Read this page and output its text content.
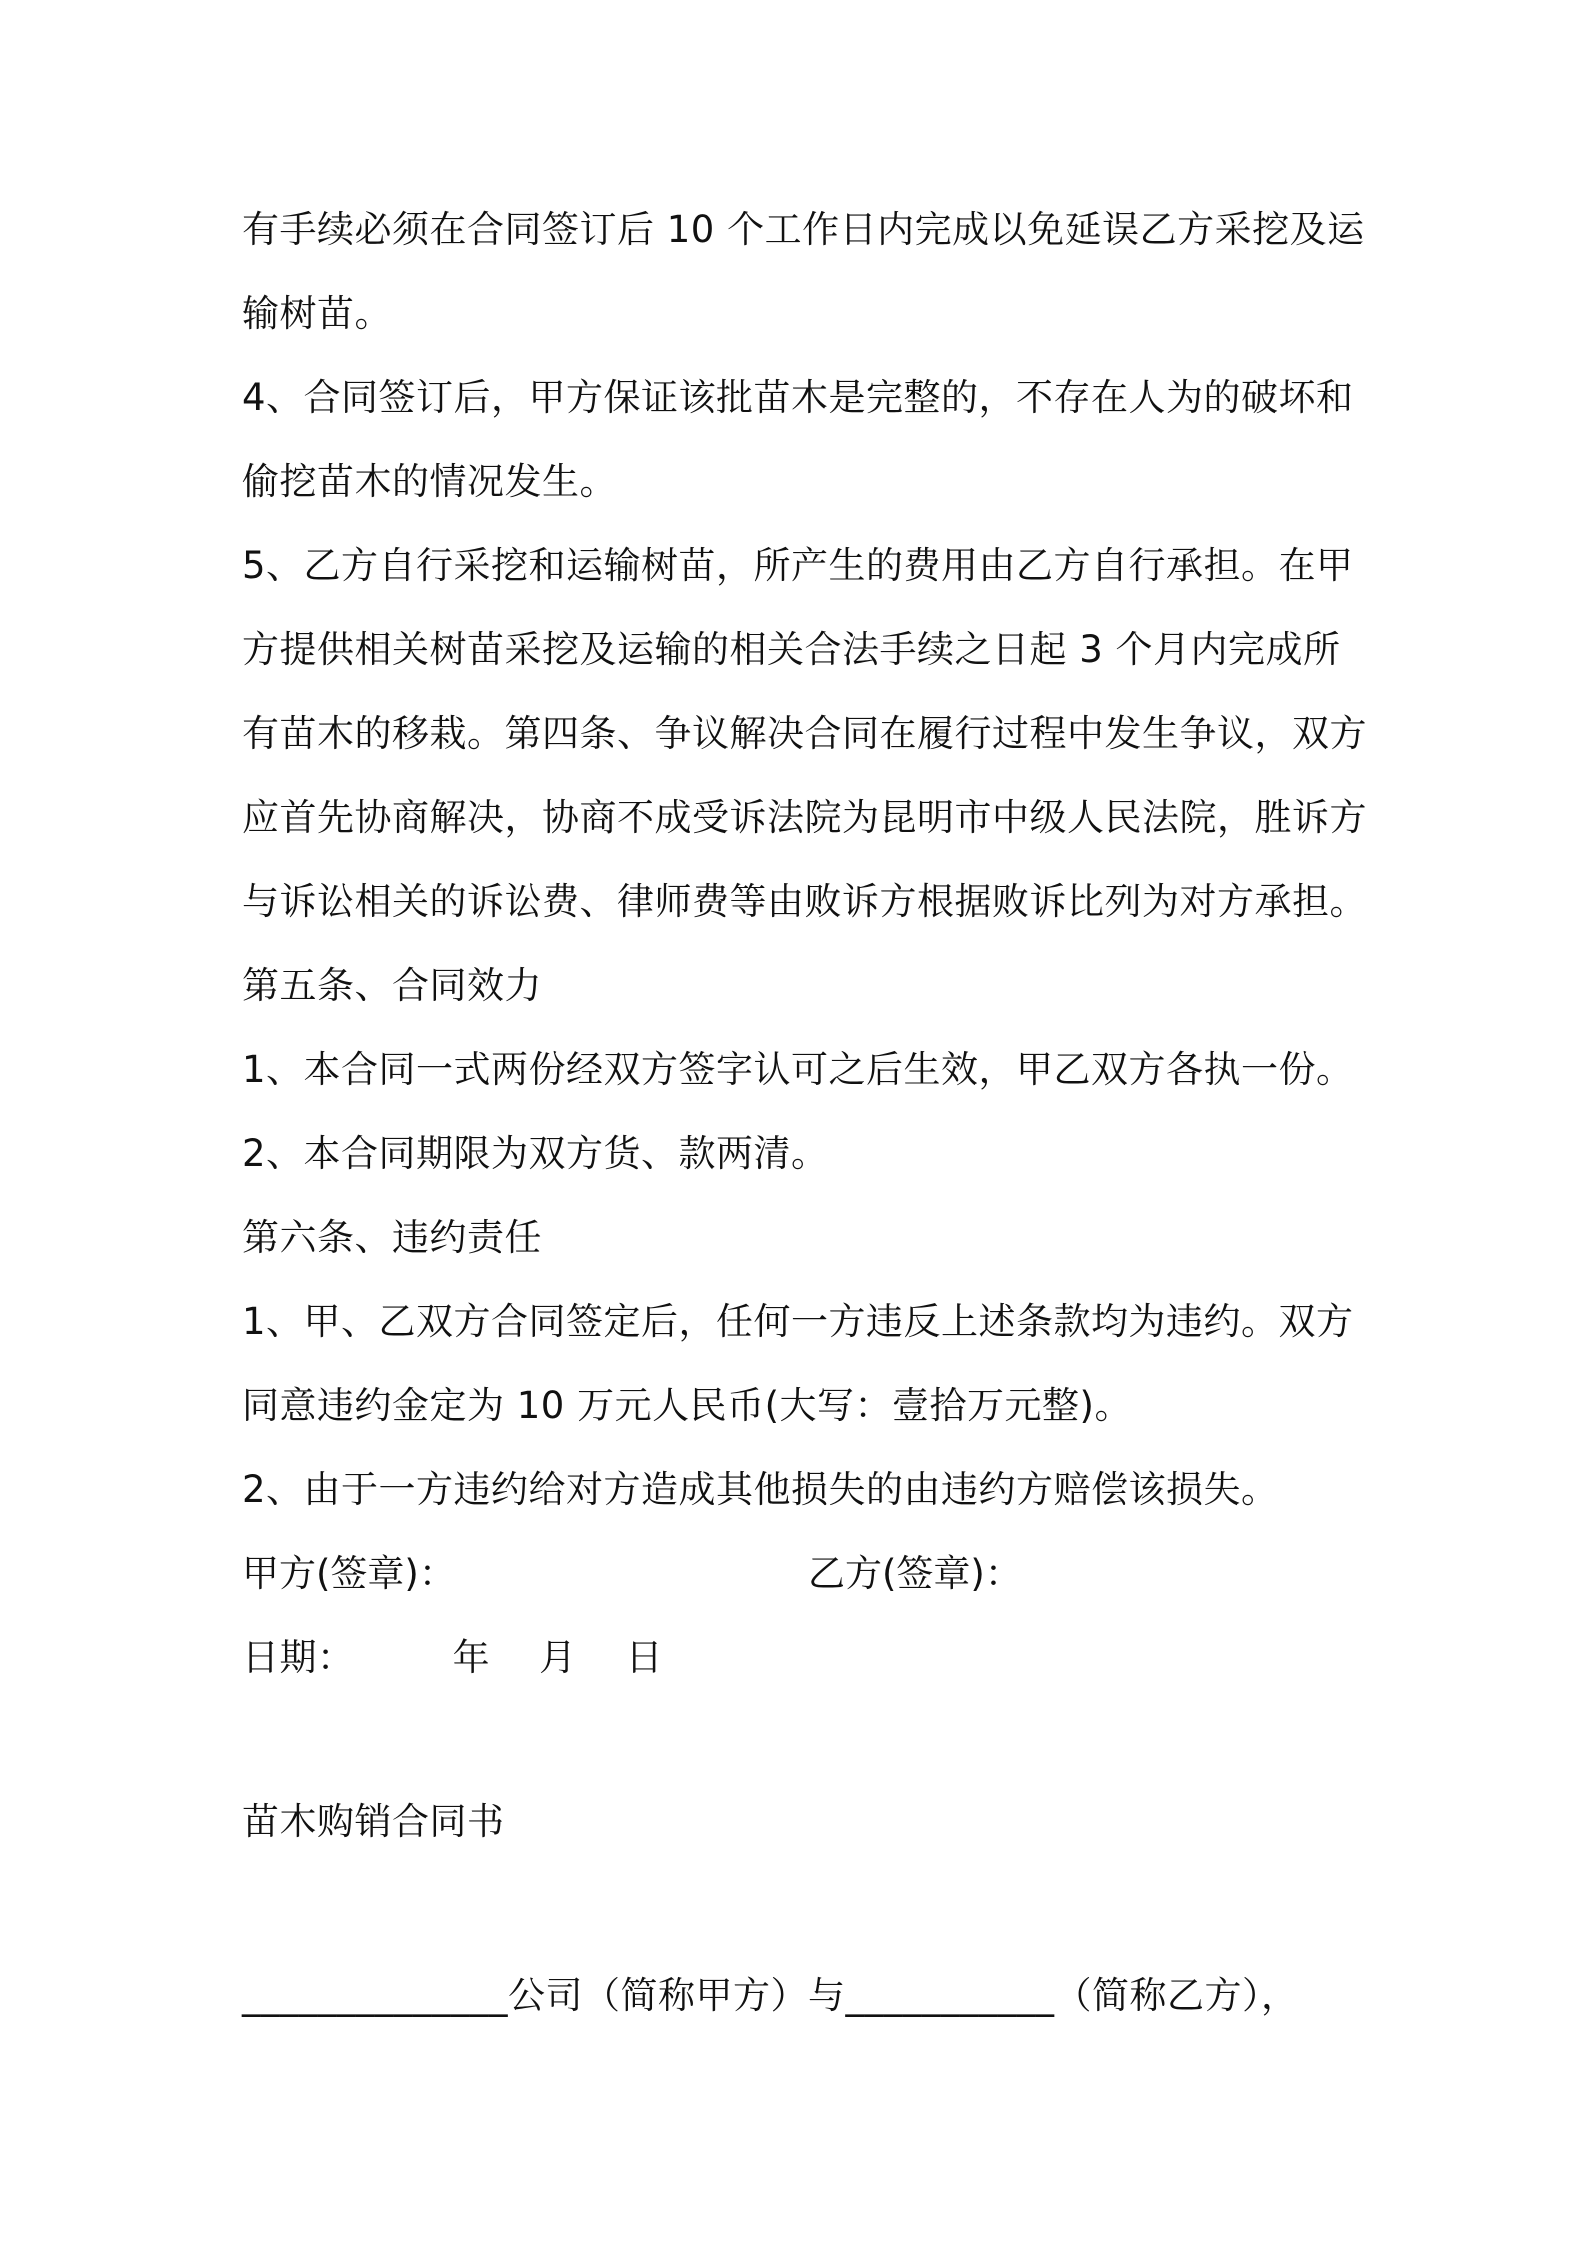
有手续必须在合同签订后 10 个工作日内完成以免延误乙方采挖及运
输树苗。
4、合同签订后，甲方保证该批苗木是完整的，不存在人为的破坏和
偷挖苗木的情况发生。
5、乙方自行采挖和运输树苗，所产生的费用由乙方自行承担。在甲
方提供相关树苗采挖及运输的相关合法手续之日起 3 个月内完成所
有苗木的移栽。第四条、争议解决合同在履行过程中发生争议，双方
应首先协商解决，协商不成受诉法院为昆明市中级人民法院，胜诉方
与诉讼相关的诉讼费、律师费等由败诉方根据败诉比列为对方承担。
第五条、合同效力
1、本合同一式两份经双方签字认可之后生效，甲乙双方各执一份。
2、本合同期限为双方货、款两清。
第六条、违约责任
1、甲、乙双方合同签定后，任何一方违反上述条款均为违约。双方
同意违约金定为 10 万元人民币(大写：壹拾万元整)。
2、由于一方违约给对方造成其他损失的由违约方赔偿该损失。
甲方(签章)：	乙方(签章)：
日期：        年    月    日
苗木购销合同书
______________公司（简称甲方）与___________（简称乙方），
